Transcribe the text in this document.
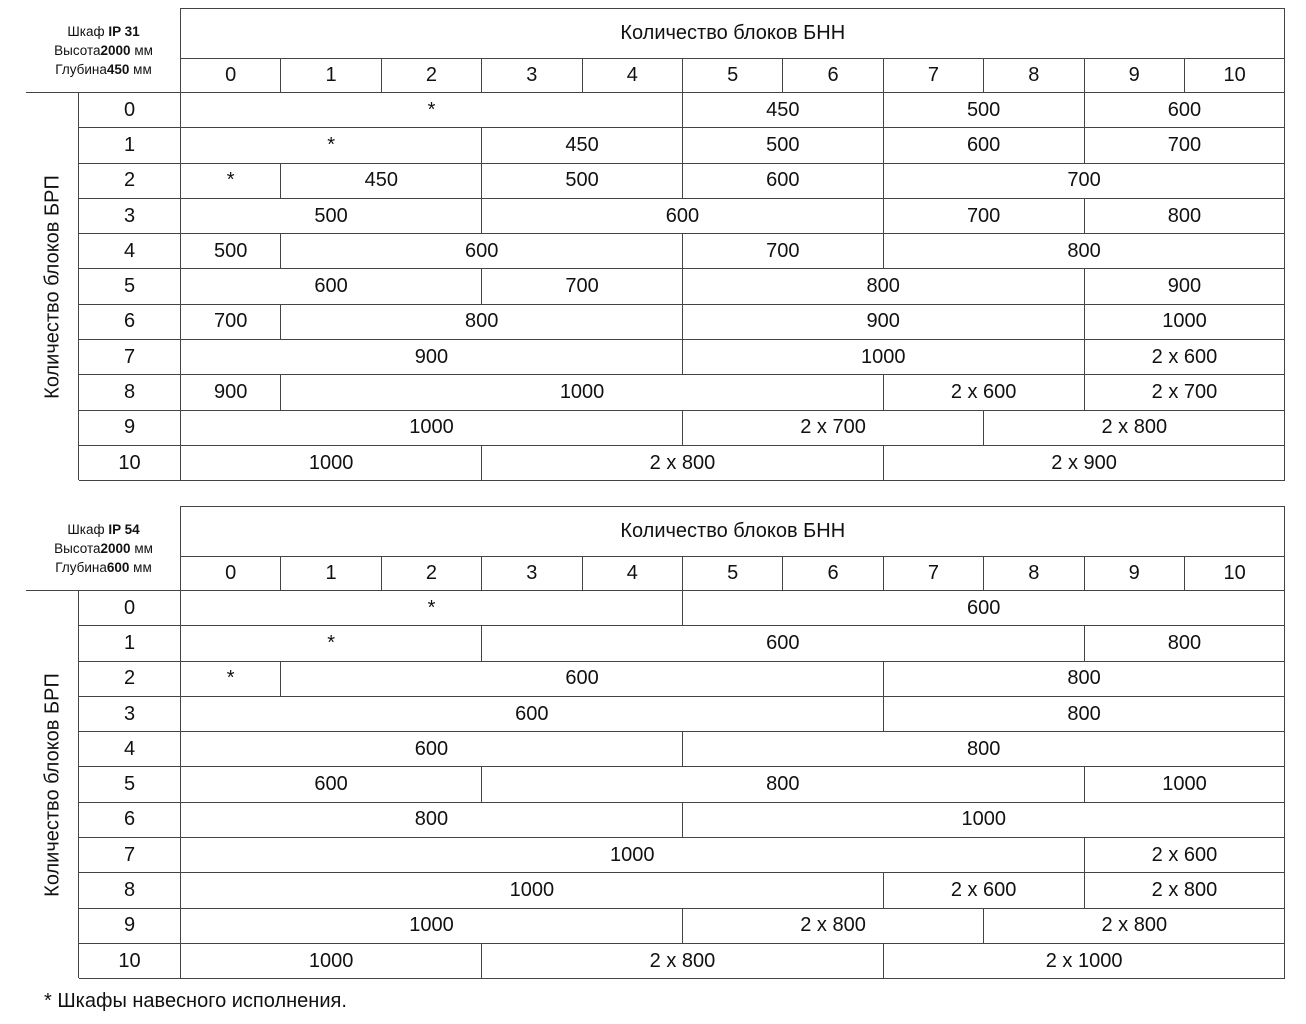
Шкаф IP 31
Высота2000 мм
Глубина450 мм		Количество блоков БНН										
		0	1	2	3	4	5	6	7	8	9	10

Количество блоков БРП	0	*					450		500		600	
	1	*			450		500		600		700	
	2	*	450		500		600		700			
	3	500			600				700		800	
	4	500	600				700		800			
	5	600			700		800				900	
	6	700	800				900				1000	
	7	900					1000				2 x 600	
	8	900	1000						2 x 600		2 x 700	
	9	1000					2 x 700			2 x 800		
	10	1000			2 x 800				2 x 900			
Шкаф IP 54
Высота2000 мм
Глубина600 мм		Количество блоков БНН										
		0	1	2	3	4	5	6	7	8	9	10

Количество блоков БРП	0	*					600					
	1	*			600						800	
	2	*	600						800			
	3	600							800			
	4	600					800					
	5	600			800						1000	
	6	800					1000					
	7	1000									2 x 600	
	8	1000							2 x 600		2 x 800	
	9	1000					2 x 800			2 x 800		
	10	1000			2 x 800				2 x 1000			
* Шкафы навесного исполнения.
